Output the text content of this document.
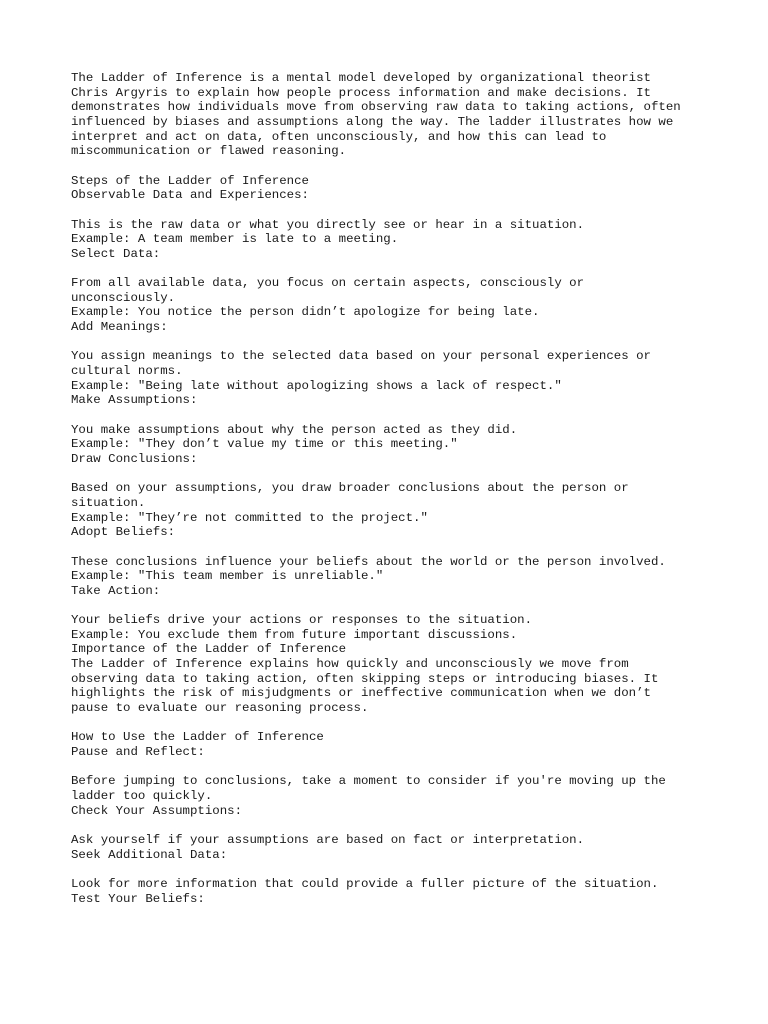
The Ladder of Inference is a mental model developed by organizational theorist
Chris Argyris to explain how people process information and make decisions. It
demonstrates how individuals move from observing raw data to taking actions, often
influenced by biases and assumptions along the way. The ladder illustrates how we
interpret and act on data, often unconsciously, and how this can lead to
miscommunication or flawed reasoning.
Steps of the Ladder of Inference
Observable Data and Experiences:
This is the raw data or what you directly see or hear in a situation.
Example: A team member is late to a meeting.
Select Data:
From all available data, you focus on certain aspects, consciously or
unconsciously.
Example: You notice the person didn’t apologize for being late.
Add Meanings:
You assign meanings to the selected data based on your personal experiences or
cultural norms.
Example: "Being late without apologizing shows a lack of respect."
Make Assumptions:
You make assumptions about why the person acted as they did.
Example: "They don’t value my time or this meeting."
Draw Conclusions:
Based on your assumptions, you draw broader conclusions about the person or
situation.
Example: "They’re not committed to the project."
Adopt Beliefs:
These conclusions influence your beliefs about the world or the person involved.
Example: "This team member is unreliable."
Take Action:
Your beliefs drive your actions or responses to the situation.
Example: You exclude them from future important discussions.
Importance of the Ladder of Inference
The Ladder of Inference explains how quickly and unconsciously we move from
observing data to taking action, often skipping steps or introducing biases. It
highlights the risk of misjudgments or ineffective communication when we don’t
pause to evaluate our reasoning process.
How to Use the Ladder of Inference
Pause and Reflect:
Before jumping to conclusions, take a moment to consider if you're moving up the
ladder too quickly.
Check Your Assumptions:
Ask yourself if your assumptions are based on fact or interpretation.
Seek Additional Data:
Look for more information that could provide a fuller picture of the situation.
Test Your Beliefs:
